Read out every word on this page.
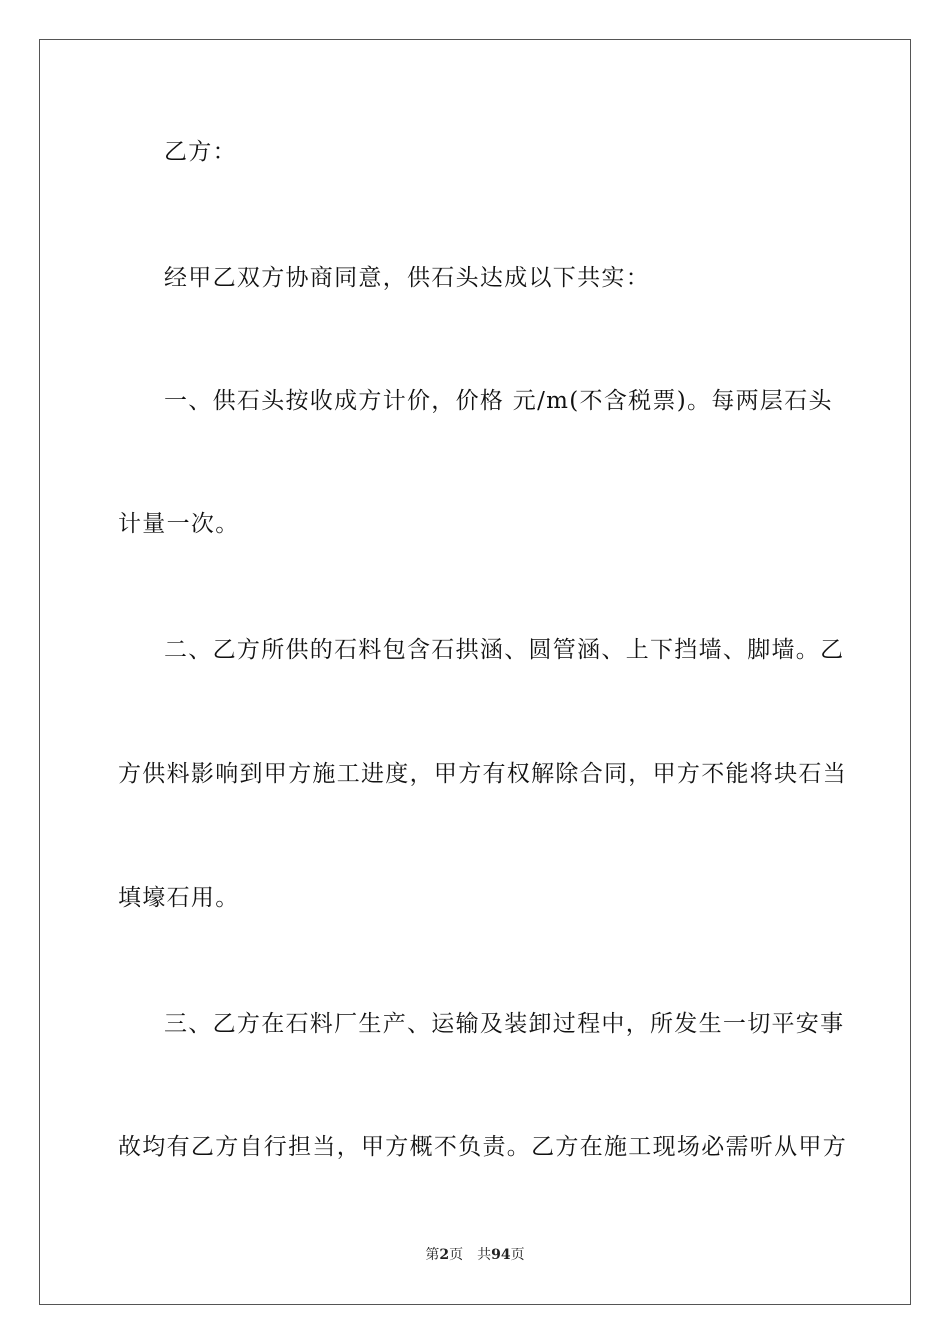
乙方：
经甲乙双方协商同意，供石头达成以下共实：
一、供石头按收成方计价，价格 元/m(不含税票)。每两层石头
计量一次。
二、乙方所供的石料包含石拱涵、圆管涵、上下挡墙、脚墙。乙
方供料影响到甲方施工进度，甲方有权解除合同，甲方不能将块石当
填壕石用。
三、乙方在石料厂生产、运输及装卸过程中，所发生一切平安事
故均有乙方自行担当，甲方概不负责。乙方在施工现场必需听从甲方
第2页 共94页
